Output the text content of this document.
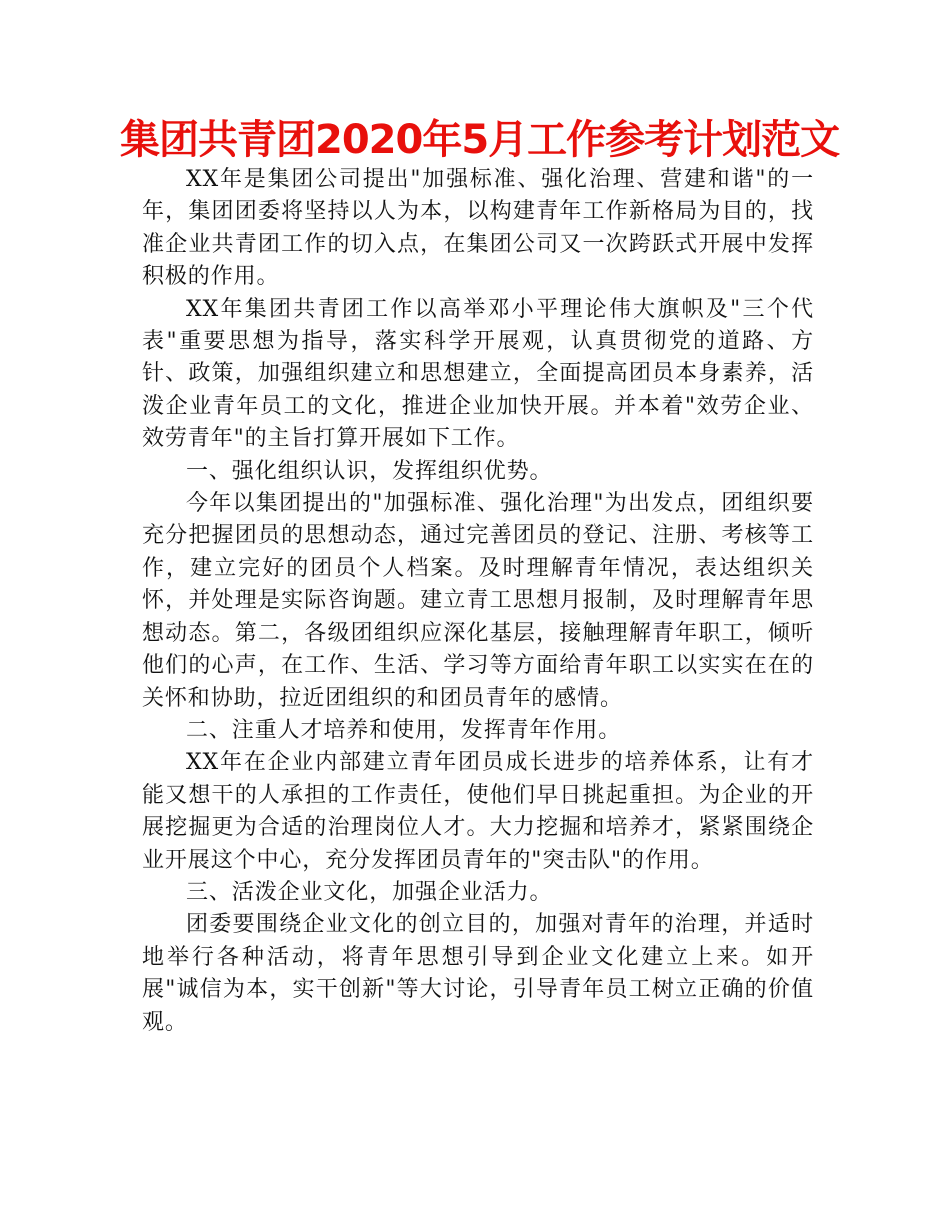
集团共青团2020年5月工作参考计划范文

XX年是集团公司提出"加强标准、强化治理、营建和谐"的一年，集团团委将坚持以人为本，以构建青年工作新格局为目的，找准企业共青团工作的切入点，在集团公司又一次跨跃式开展中发挥积极的作用。

XX年集团共青团工作以高举邓小平理论伟大旗帜及"三个代表"重要思想为指导，落实科学开展观，认真贯彻党的道路、方针、政策，加强组织建立和思想建立，全面提高团员本身素养，活泼企业青年员工的文化，推进企业加快开展。并本着"效劳企业、效劳青年"的主旨打算开展如下工作。

一、强化组织认识，发挥组织优势。

今年以集团提出的"加强标准、强化治理"为出发点，团组织要充分把握团员的思想动态，通过完善团员的登记、注册、考核等工作，建立完好的团员个人档案。及时理解青年情况，表达组织关怀，并处理是实际咨询题。建立青工思想月报制，及时理解青年思想动态。第二，各级团组织应深化基层，接触理解青年职工，倾听他们的心声，在工作、生活、学习等方面给青年职工以实实在在的关怀和协助，拉近团组织的和团员青年的感情。

二、注重人才培养和使用，发挥青年作用。

XX年在企业内部建立青年团员成长进步的培养体系，让有才能又想干的人承担的工作责任，使他们早日挑起重担。为企业的开展挖掘更为合适的治理岗位人才。大力挖掘和培养才，紧紧围绕企业开展这个中心，充分发挥团员青年的"突击队"的作用。

三、活泼企业文化，加强企业活力。

团委要围绕企业文化的创立目的，加强对青年的治理，并适时地举行各种活动，将青年思想引导到企业文化建立上来。如开展"诚信为本，实干创新"等大讨论，引导青年员工树立正确的价值观。
